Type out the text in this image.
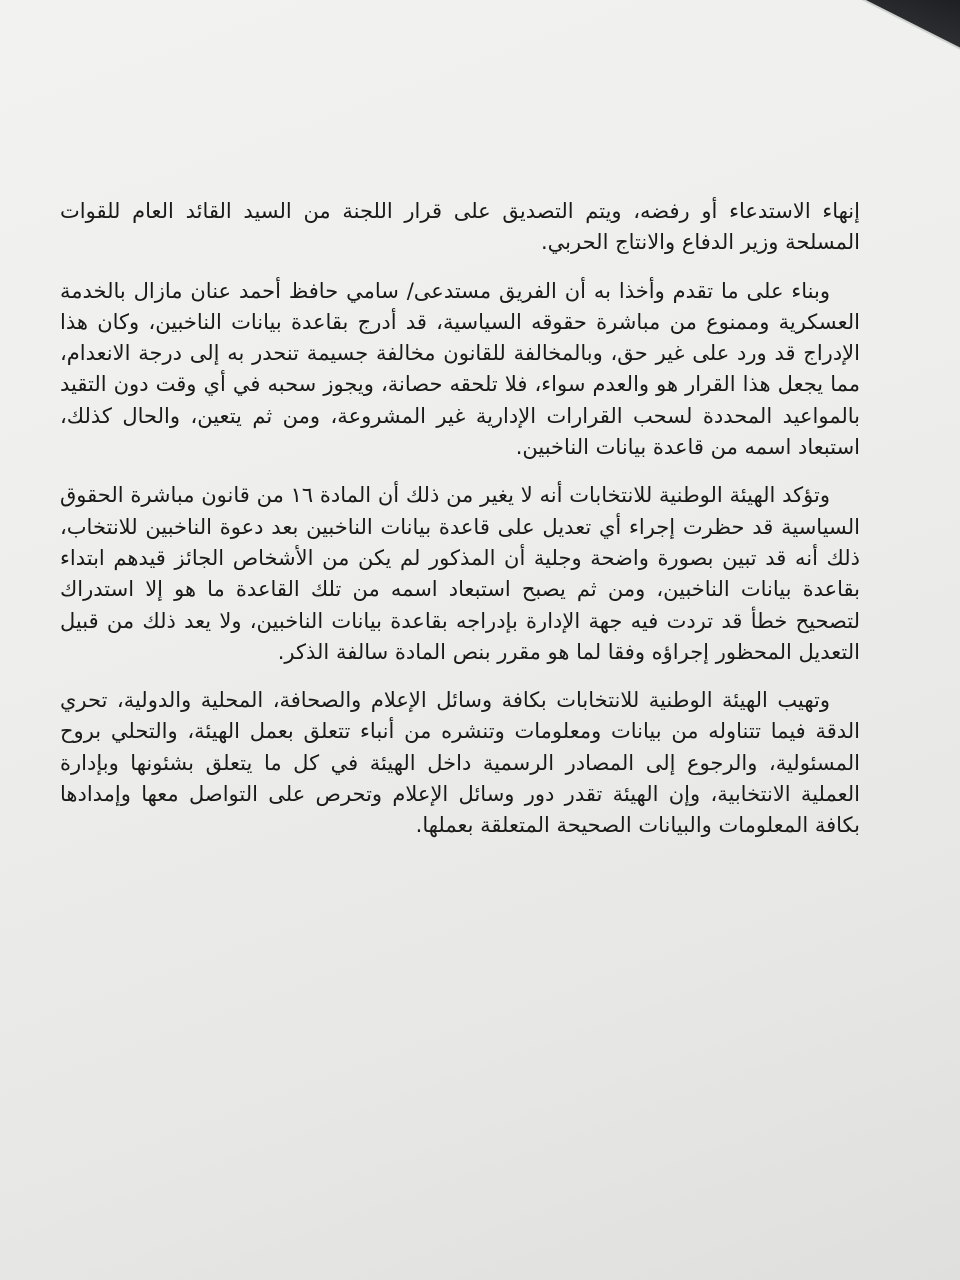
إنهاء الاستدعاء أو رفضه، ويتم التصديق على قرار اللجنة من السيد القائد العام للقوات المسلحة وزير الدفاع والانتاج الحربي.

وبناء على ما تقدم وأخذا به أن الفريق مستدعى/ سامي حافظ أحمد عنان مازال بالخدمة العسكرية وممنوع من مباشرة حقوقه السياسية، قد أدرج بقاعدة بيانات الناخبين، وكان هذا الإدراج قد ورد على غير حق، وبالمخالفة للقانون مخالفة جسيمة تنحدر به إلى درجة الانعدام، مما يجعل هذا القرار هو والعدم سواء، فلا تلحقه حصانة، ويجوز سحبه في أي وقت دون التقيد بالمواعيد المحددة لسحب القرارات الإدارية غير المشروعة، ومن ثم يتعين، والحال كذلك، استبعاد اسمه من قاعدة بيانات الناخبين.

وتؤكد الهيئة الوطنية للانتخابات أنه لا يغير من ذلك أن المادة ١٦ من قانون مباشرة الحقوق السياسية قد حظرت إجراء أي تعديل على قاعدة بيانات الناخبين بعد دعوة الناخبين للانتخاب، ذلك أنه قد تبين بصورة واضحة وجلية أن المذكور لم يكن من الأشخاص الجائز قيدهم ابتداء بقاعدة بيانات الناخبين، ومن ثم يصبح استبعاد اسمه من تلك القاعدة ما هو إلا استدراك لتصحيح خطأ قد تردت فيه جهة الإدارة بإدراجه بقاعدة بيانات الناخبين، ولا يعد ذلك من قبيل التعديل المحظور إجراؤه وفقا لما هو مقرر بنص المادة سالفة الذكر.

وتهيب الهيئة الوطنية للانتخابات بكافة وسائل الإعلام والصحافة، المحلية والدولية، تحري الدقة فيما تتناوله من بيانات ومعلومات وتنشره من أنباء تتعلق بعمل الهيئة، والتحلي بروح المسئولية، والرجوع إلى المصادر الرسمية داخل الهيئة في كل ما يتعلق بشئونها وبإدارة العملية الانتخابية، وإن الهيئة تقدر دور وسائل الإعلام وتحرص على التواصل معها وإمدادها بكافة المعلومات والبيانات الصحيحة المتعلقة بعملها.
